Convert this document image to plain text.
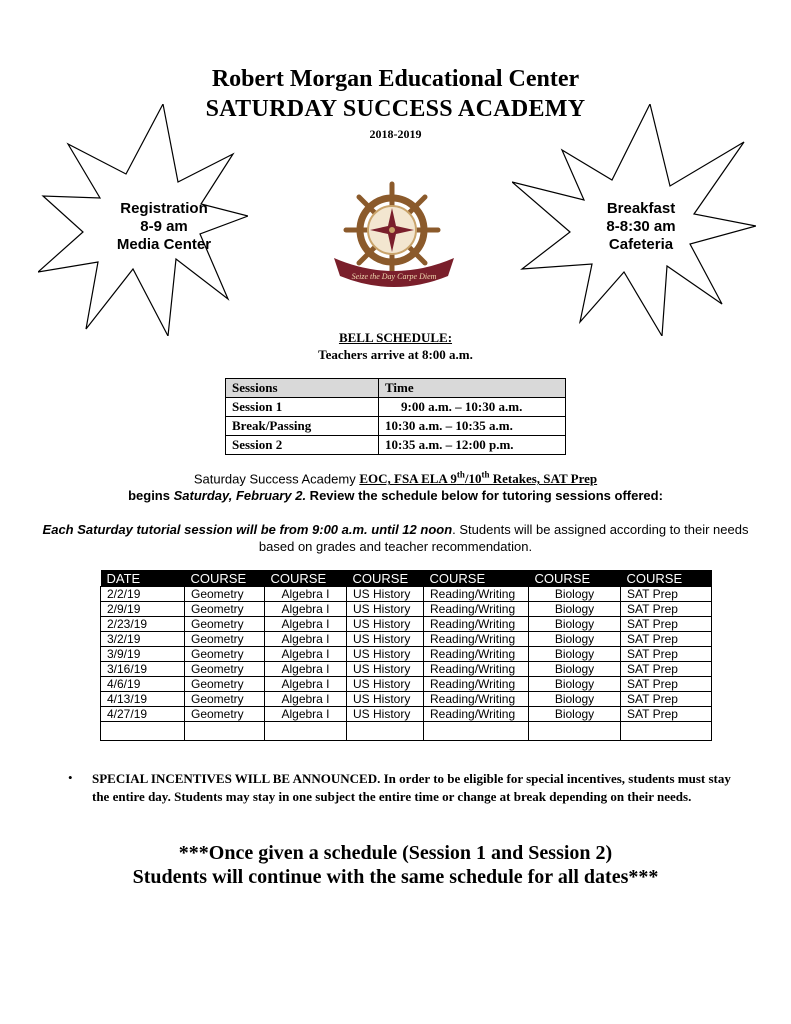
Robert Morgan Educational Center
SATURDAY SUCCESS ACADEMY
2018-2019
Registration
8-9 am
Media Center
Breakfast
8-8:30 am
Cafeteria
Seize the Day Carpe Diem
BELL SCHEDULE:
Teachers arrive at 8:00 a.m.
Sessions	Time
Session 1	9:00 a.m. – 10:30 a.m.
Break/Passing	10:30 a.m. – 10:35 a.m.
Session 2	10:35 a.m. – 12:00 p.m.
Saturday Success Academy EOC, FSA ELA 9th/10th Retakes, SAT Prep
begins Saturday, February 2. Review the schedule below for tutoring sessions offered:
Each Saturday tutorial session will be from 9:00 a.m. until 12 noon. Students will be assigned according to their needs based on grades and teacher recommendation.
DATE	COURSE	COURSE	COURSE	COURSE	COURSE	COURSE
2/2/19	Geometry	Algebra I	US History	Reading/Writing	Biology	SAT Prep
2/9/19	Geometry	Algebra I	US History	Reading/Writing	Biology	SAT Prep
2/23/19	Geometry	Algebra I	US History	Reading/Writing	Biology	SAT Prep
3/2/19	Geometry	Algebra I	US History	Reading/Writing	Biology	SAT Prep
3/9/19	Geometry	Algebra I	US History	Reading/Writing	Biology	SAT Prep
3/16/19	Geometry	Algebra I	US History	Reading/Writing	Biology	SAT Prep
4/6/19	Geometry	Algebra I	US History	Reading/Writing	Biology	SAT Prep
4/13/19	Geometry	Algebra I	US History	Reading/Writing	Biology	SAT Prep
4/27/19	Geometry	Algebra I	US History	Reading/Writing	Biology	SAT Prep

• SPECIAL INCENTIVES WILL BE ANNOUNCED. In order to be eligible for special incentives, students must stay the entire day. Students may stay in one subject the entire time or change at break depending on their needs.
***Once given a schedule (Session 1 and Session 2)
Students will continue with the same schedule for all dates***
